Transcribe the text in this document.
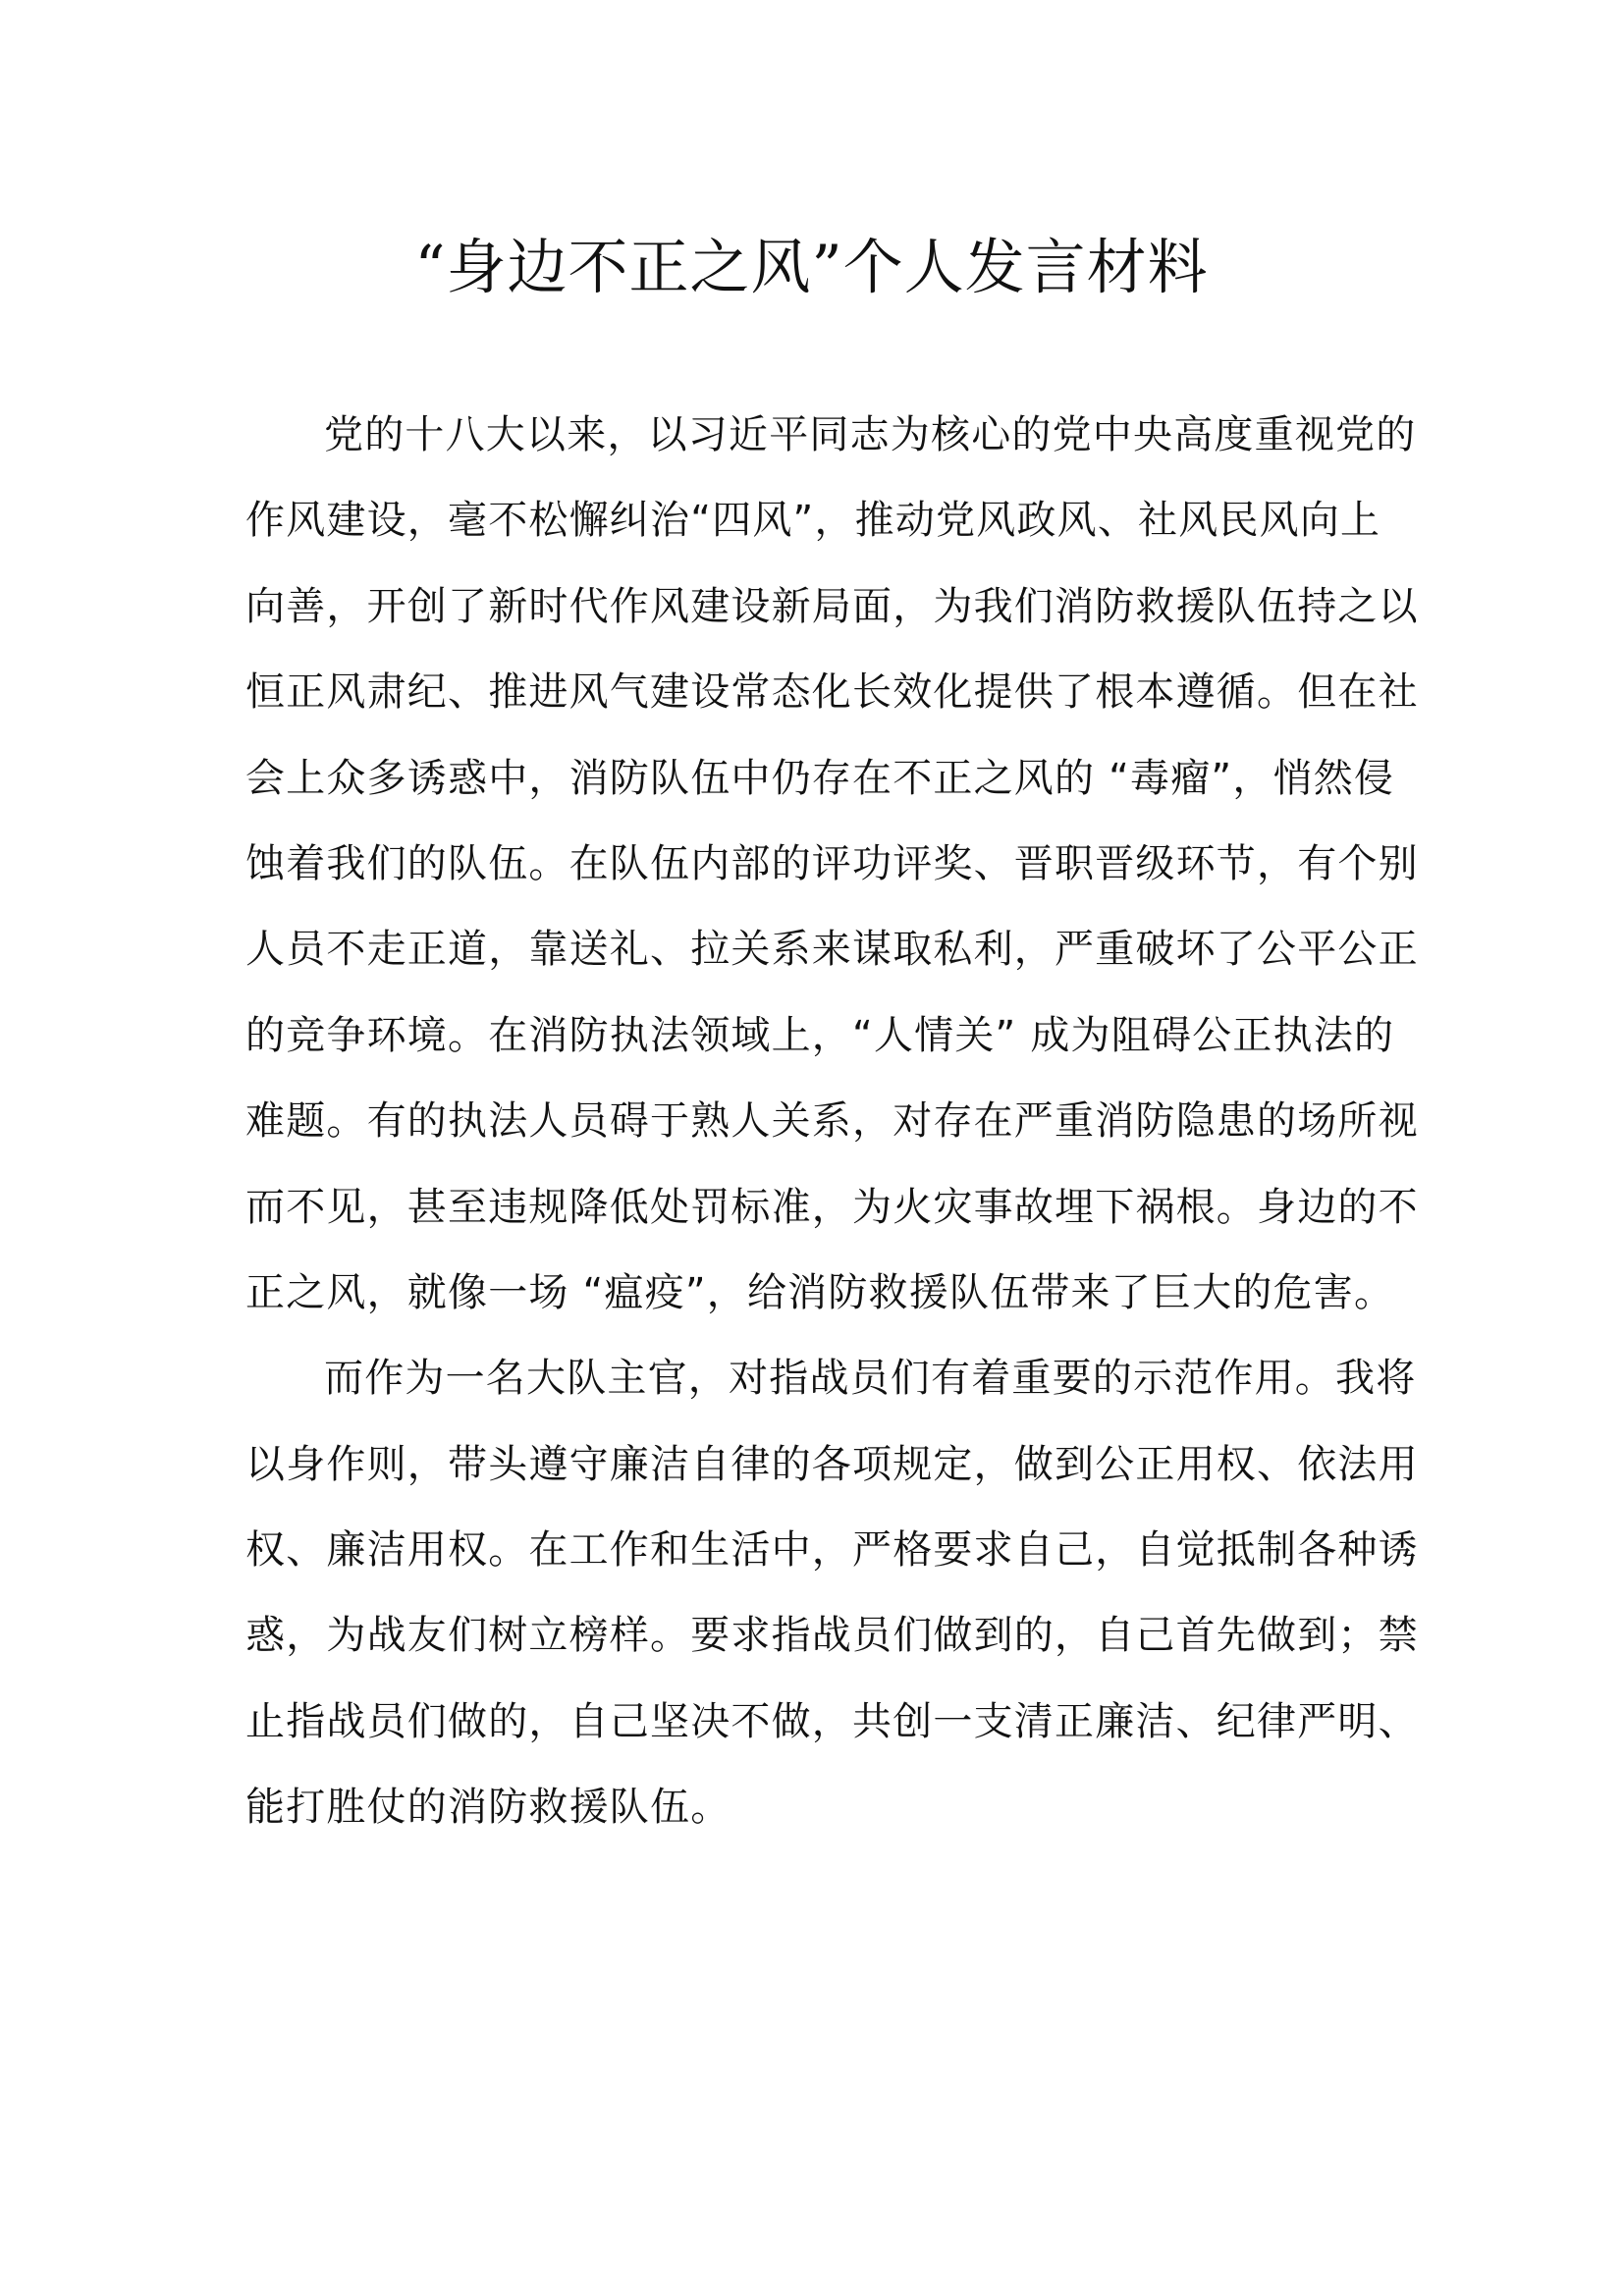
“身边不正之风”个人发言材料
党的十八大以来，以习近平同志为核心的党中央高度重视党的
作风建设，毫不松懈纠治“四风”，推动党风政风、社风民风向上
向善，开创了新时代作风建设新局面，为我们消防救援队伍持之以
恒正风肃纪、推进风气建设常态化长效化提供了根本遵循。但在社
会上众多诱惑中，消防队伍中仍存在不正之风的 “毒瘤”，悄然侵
蚀着我们的队伍。在队伍内部的评功评奖、晋职晋级环节，有个别
人员不走正道，靠送礼、拉关系来谋取私利，严重破坏了公平公正
的竞争环境。在消防执法领域上，“人情关” 成为阻碍公正执法的
难题。有的执法人员碍于熟人关系，对存在严重消防隐患的场所视
而不见，甚至违规降低处罚标准，为火灾事故埋下祸根。身边的不
正之风，就像一场 “瘟疫”，给消防救援队伍带来了巨大的危害。
而作为一名大队主官，对指战员们有着重要的示范作用。我将
以身作则，带头遵守廉洁自律的各项规定，做到公正用权、依法用
权、廉洁用权。在工作和生活中，严格要求自己，自觉抵制各种诱
惑，为战友们树立榜样。要求指战员们做到的，自己首先做到；禁
止指战员们做的，自己坚决不做，共创一支清正廉洁、纪律严明、
能打胜仗的消防救援队伍。
